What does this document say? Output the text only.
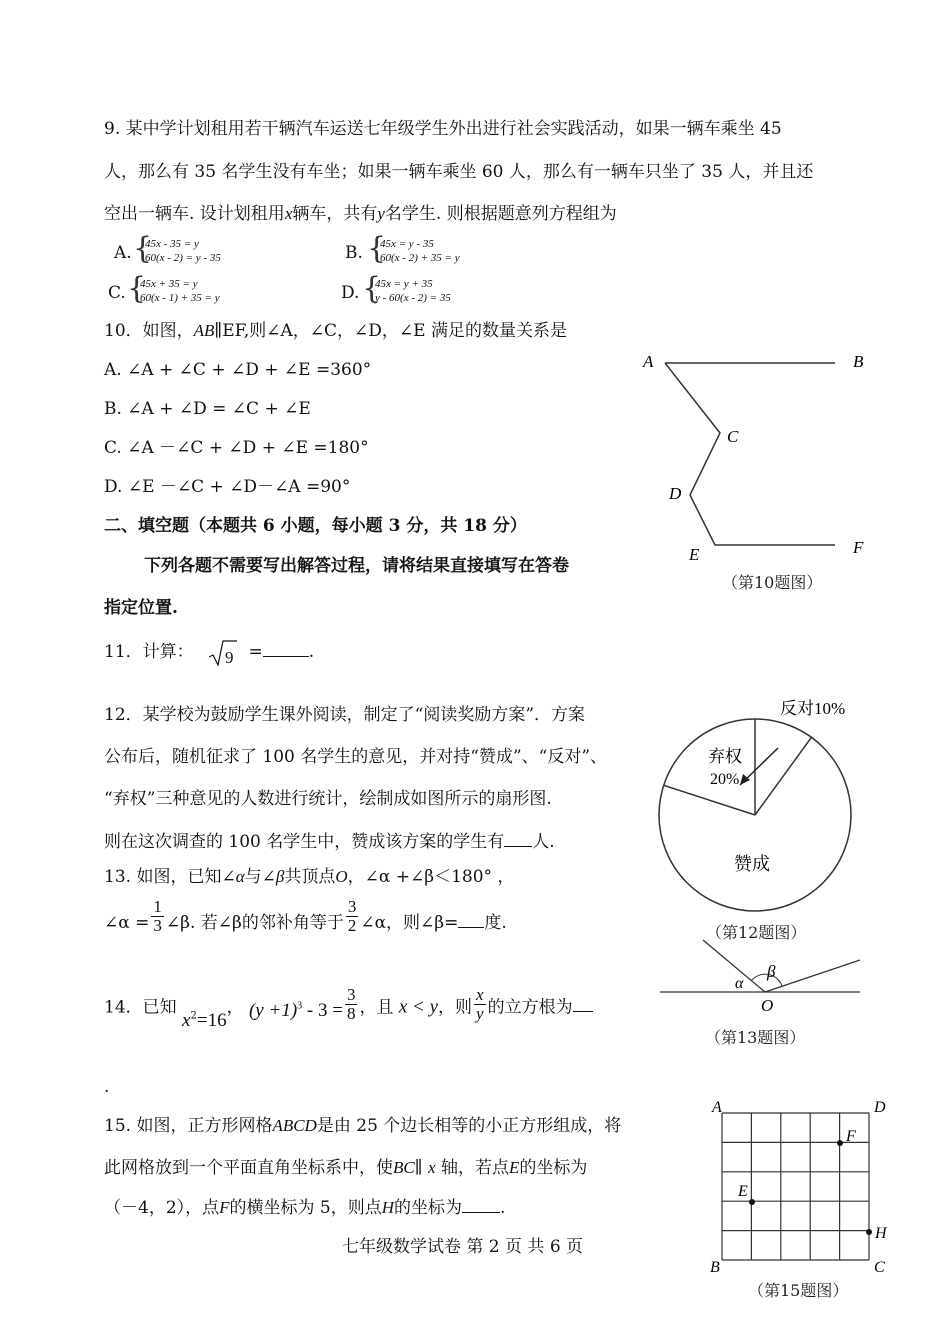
9. 某中学计划租用若干辆汽车运送七年级学生外出进行社会实践活动，如果一辆车乘坐 45
人，那么有 35 名学生没有车坐；如果一辆车乘坐 60 人，那么有一辆车只坐了 35 人，并且还
空出一辆车. 设计划租用x辆车，共有y名学生. 则根据题意列方程组为
A. {
45x - 35 = y
60(x - 2) = y - 35	B. {
45x = y - 35
60(x - 2) + 35 = y
C. {
45x + 35 = y
60(x - 1) + 35 = y	D. {
45x = y + 35
y - 60(x - 2) = 35
10．如图，AB∥EF,则∠A，∠C，∠D，∠E 满足的数量关系是
A. ∠A + ∠C + ∠D + ∠E =360°
B. ∠A + ∠D = ∠C + ∠E
C. ∠A －∠C + ∠D + ∠E =180°
D. ∠E －∠C + ∠D－∠A =90°
A	B
C
D
E	F
（第10题图）
二、填空题（本题共 6 小题，每小题 3 分，共 18 分）
下列各题不需要写出解答过程，请将结果直接填写在答卷
指定位置.
11．计算： 9 =	.
12．某学校为鼓励学生课外阅读，制定了“阅读奖励方案”．方案
公布后，随机征求了 100 名学生的意见，并对持“赞成”、“反对”、
“弃权”三种意见的人数进行统计，绘制成如图所示的扇形图.
则在这次调查的 100 名学生中，赞成该方案的学生有 人.
反对10%
弃权
20%
赞成
（第12题图）
13. 如图，已知∠α与∠β共顶点O，∠α +∠β＜180° ，
∠α = $\frac{1}{3}$ ∠β. 若∠β的邻补角等于 $\frac{3}{2}$ ∠α，则∠β= 度.
α
β
O
（第13题图）
14．已知 $x^2=16$， $(y +1)^3 - 3 = \frac{3}{8}$ ，且 x < y，则 $\frac{x}{y}$ 的立方根为
.
15. 如图，正方形网格ABCD是由 25 个边长相等的小正方形组成，将
此网格放到一个平面直角坐标系中，使BC∥ x 轴，若点E的坐标为
（－4，2），点F的横坐标为 5，则点H的坐标为 .
A	D
F
E
H
B	C
（第15题图）
七年级数学试卷 第 2 页 共 6 页
